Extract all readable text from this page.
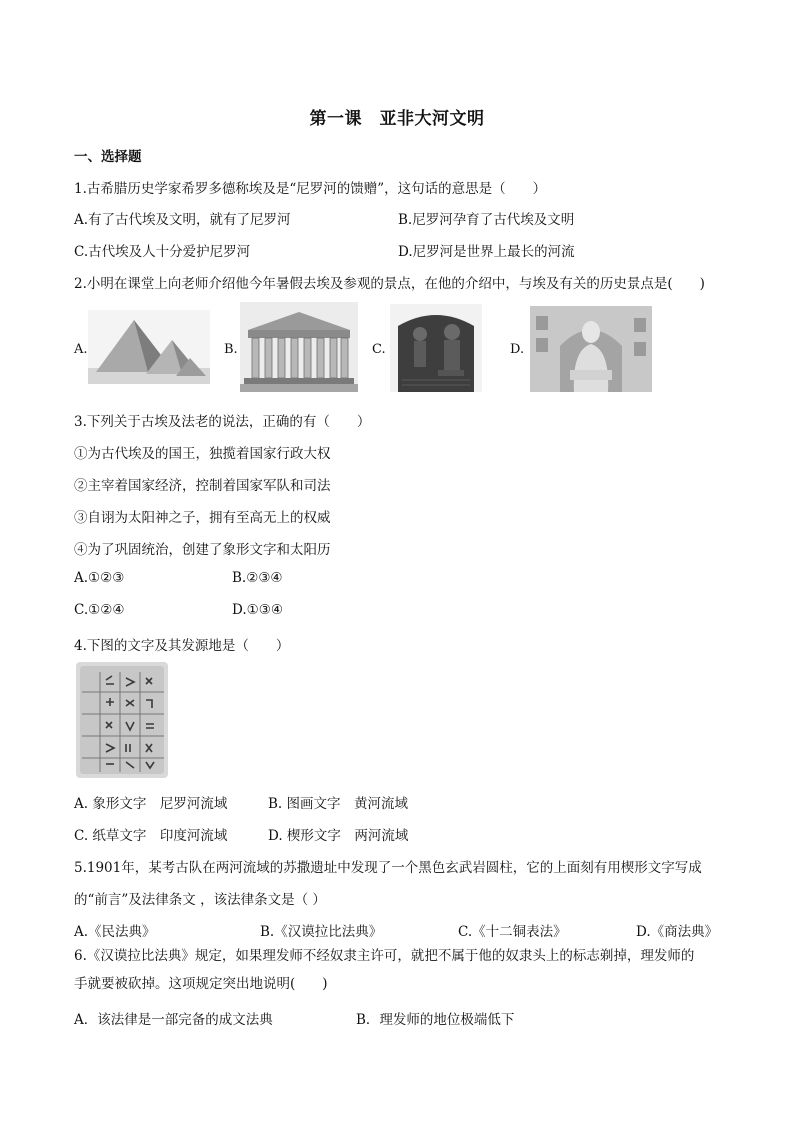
第一课　亚非大河文明
一、选择题
1.古希腊历史学家希罗多德称埃及是“尼罗河的馈赠”，这句话的意思是（　　）
A.有了古代埃及文明，就有了尼罗河	B.尼罗河孕育了古代埃及文明
C.古代埃及人十分爱护尼罗河	D.尼罗河是世界上最长的河流
2.小明在课堂上向老师介绍他今年暑假去埃及参观的景点，在他的介绍中，与埃及有关的历史景点是(　　)
A.	B.	C.	D.
3.下列关于古埃及法老的说法，正确的有（　　）
①为古代埃及的国王，独揽着国家行政大权
②主宰着国家经济，控制着国家军队和司法
③自诩为太阳神之子，拥有至高无上的权威
④为了巩固统治，创建了象形文字和太阳历
A.①②③	B.②③④
C.①②④	D.①③④
4.下图的文字及其发源地是（　　）
A. 象形文字　尼罗河流域	B. 图画文字　黄河流域
C. 纸草文字　印度河流域	D. 楔形文字　两河流域
5.1901年，某考古队在两河流域的苏撒遗址中发现了一个黑色玄武岩圆柱，它的上面刻有用楔形文字写成
的“前言”及法律条文 ，该法律条文是（ ）
A.《民法典》	B.《汉谟拉比法典》	C.《十二铜表法》	D.《商法典》
6.《汉谟拉比法典》规定，如果理发师不经奴隶主许可，就把不属于他的奴隶头上的标志剃掉，理发师的
手就要被砍掉。这项规定突出地说明(　　)
A．该法律是一部完备的成文法典	B．理发师的地位极端低下
